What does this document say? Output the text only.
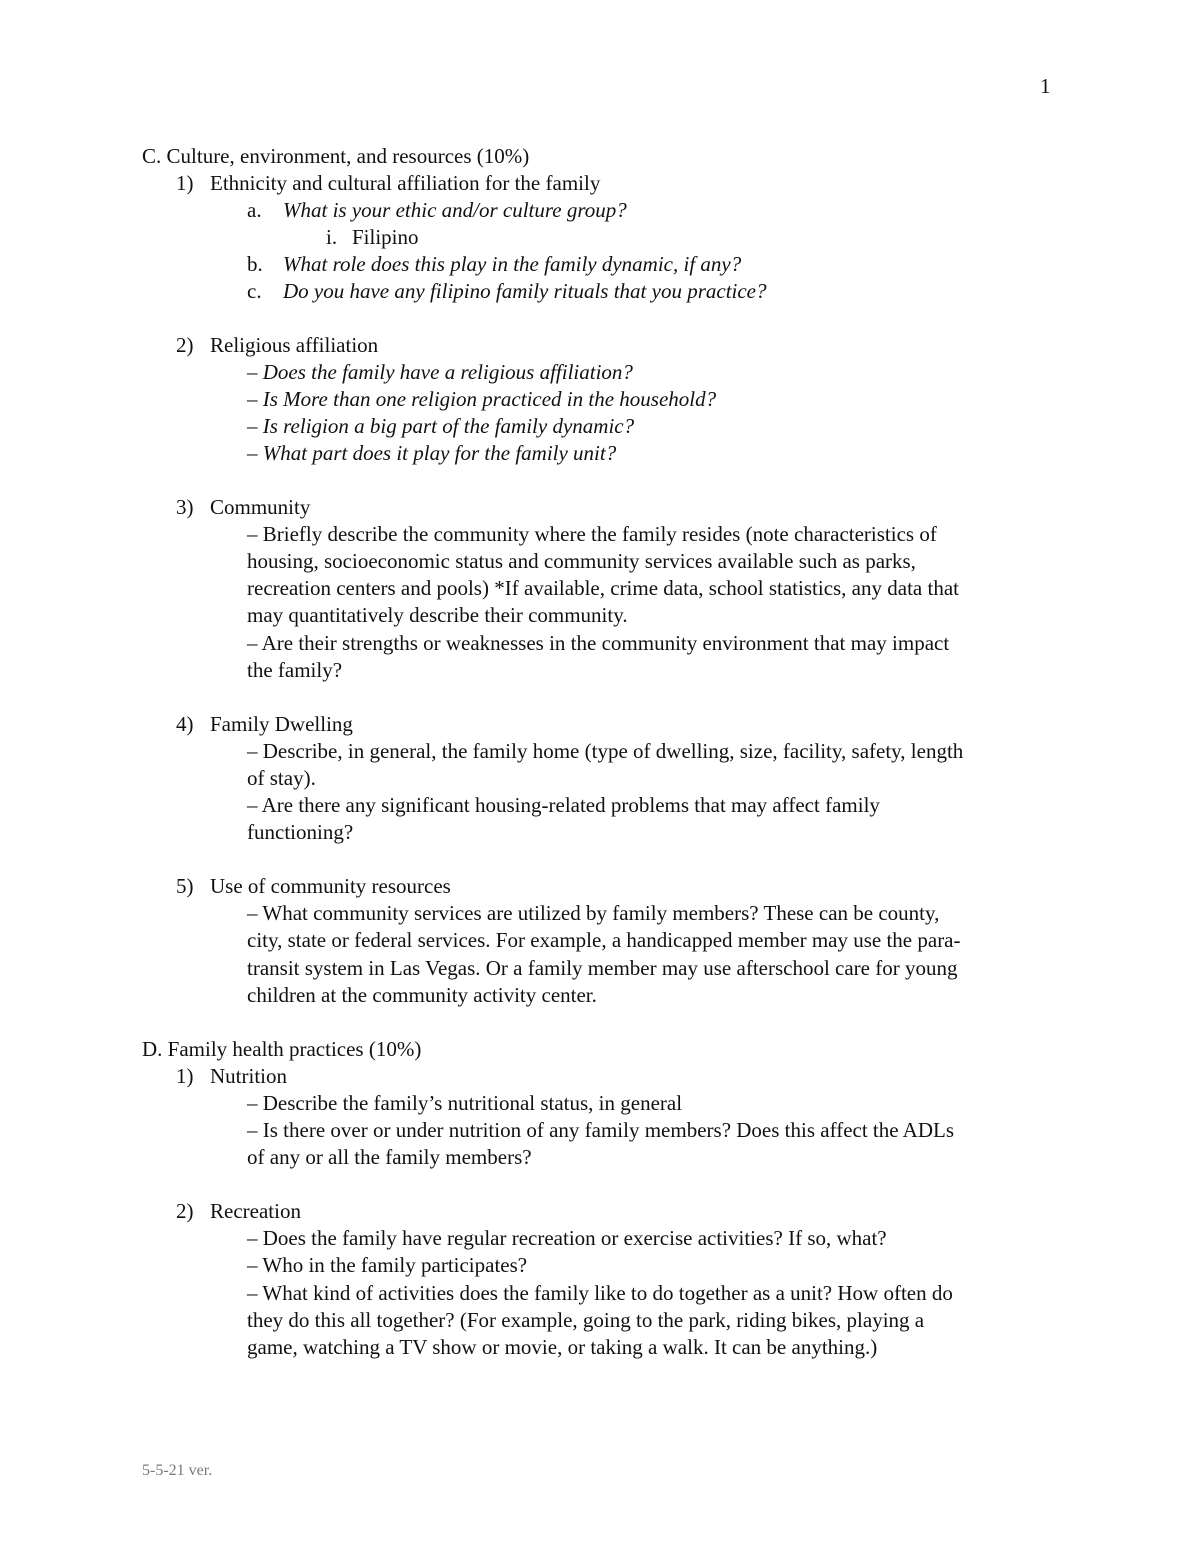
1
C. Culture, environment, and resources (10%)
1) Ethnicity and cultural affiliation for the family
a. What is your ethic and/or culture group?
i. Filipino
b. What role does this play in the family dynamic, if any?
c. Do you have any filipino family rituals that you practice?
2) Religious affiliation
– Does the family have a religious affiliation?
– Is More than one religion practiced in the household?
– Is religion a big part of the family dynamic?
– What part does it play for the family unit?
3) Community
– Briefly describe the community where the family resides (note characteristics of
housing, socioeconomic status and community services available such as parks,
recreation centers and pools) *If available, crime data, school statistics, any data that
may quantitatively describe their community.
– Are their strengths or weaknesses in the community environment that may impact
the family?
4) Family Dwelling
– Describe, in general, the family home (type of dwelling, size, facility, safety, length
of stay).
– Are there any significant housing-related problems that may affect family
functioning?
5) Use of community resources
– What community services are utilized by family members? These can be county,
city, state or federal services. For example, a handicapped member may use the para-
transit system in Las Vegas. Or a family member may use afterschool care for young
children at the community activity center.
D. Family health practices (10%)
1) Nutrition
– Describe the family’s nutritional status, in general
– Is there over or under nutrition of any family members? Does this affect the ADLs
of any or all the family members?
2) Recreation
– Does the family have regular recreation or exercise activities? If so, what?
– Who in the family participates?
– What kind of activities does the family like to do together as a unit? How often do
they do this all together? (For example, going to the park, riding bikes, playing a
game, watching a TV show or movie, or taking a walk. It can be anything.)
5-5-21 ver.
